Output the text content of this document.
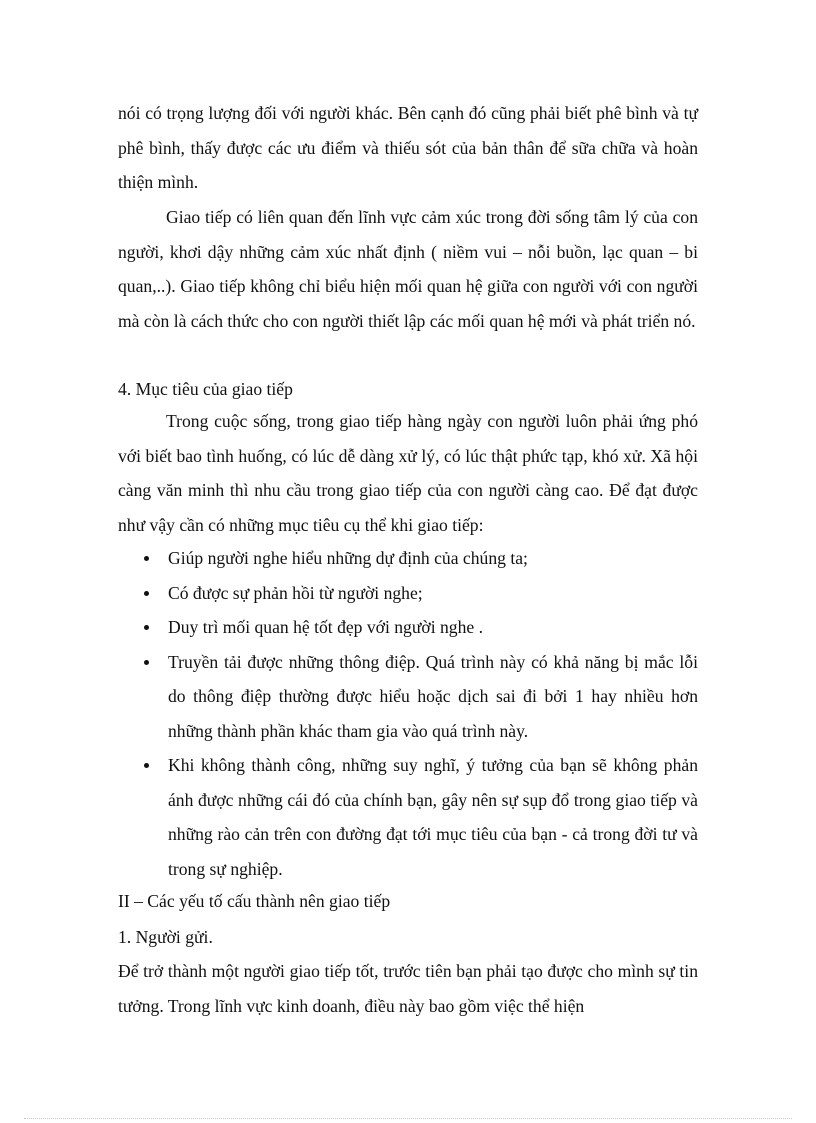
nói có trọng lượng đối với người khác. Bên cạnh đó cũng phải biết phê bình và tự phê bình, thấy được các ưu điểm và thiếu sót của bản thân để sữa chữa và hoàn thiện mình.

Giao tiếp có liên quan đến lĩnh vực cảm xúc trong đời sống tâm lý của con người, khơi dậy những cảm xúc nhất định ( niềm vui – nỗi buồn, lạc quan – bi quan,..). Giao tiếp không chỉ biểu hiện mối quan hệ giữa con người với con người mà còn là cách thức cho con người thiết lập các mối quan hệ mới và phát triển nó.

4. Mục tiêu của giao tiếp

Trong cuộc sống, trong giao tiếp hàng ngày con người luôn phải ứng phó với biết bao tình huống, có lúc dễ dàng xử lý, có lúc thật phức tạp, khó xử. Xã hội càng văn minh thì nhu cầu trong giao tiếp của con người càng cao. Để đạt được như vậy cần có những mục tiêu cụ thể khi giao tiếp:

Giúp người nghe hiểu những dự định của chúng ta;
Có được sự phản hồi từ người nghe;
Duy trì mối quan hệ tốt đẹp với người nghe .
Truyền tải được những thông điệp. Quá trình này có khả năng bị mắc lỗi do thông điệp thường được hiểu hoặc dịch sai đi bởi 1 hay nhiều hơn những thành phần khác tham gia vào quá trình này.
Khi không thành công, những suy nghĩ, ý tưởng của bạn sẽ không phản ánh được những cái đó của chính bạn, gây nên sự sụp đổ trong giao tiếp và những rào cản trên con đường đạt tới mục tiêu của bạn - cả trong đời tư và trong sự nghiệp.

II – Các yếu tố cấu thành nên giao tiếp

1. Người gửi.

Để trở thành một người giao tiếp tốt, trước tiên bạn phải tạo được cho mình sự tin tưởng. Trong lĩnh vực kinh doanh, điều này bao gồm việc thể hiện
